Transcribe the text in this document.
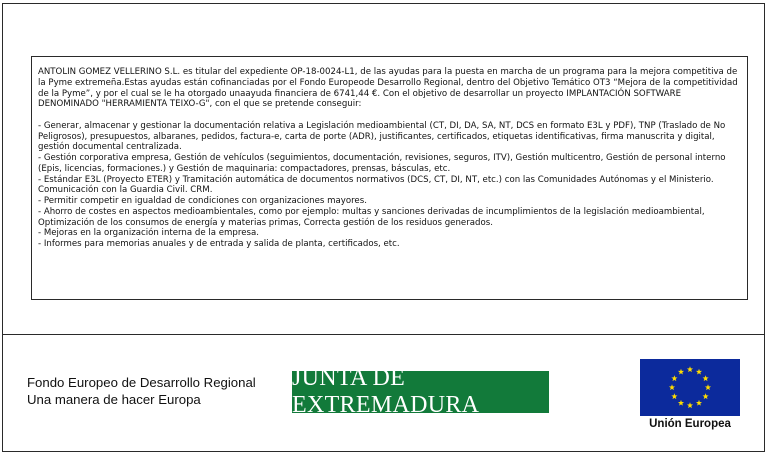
ANTOLIN GOMEZ VELLERINO S.L. es titular del expediente OP-18-0024-L1, de las ayudas para la puesta en marcha de un programa para la mejora competitiva de la Pyme extremeña.Estas ayudas están cofinanciadas por el Fondo Europeode Desarrollo Regional, dentro del Objetivo Temático OT3 “Mejora de la competitividad de la Pyme”, y por el cual se le ha otorgado unaayuda financiera de 6741,44 €. Con el objetivo de desarrollar un proyecto IMPLANTACIÓN SOFTWARE DENOMINADO "HERRAMIENTA TEIXO-G", con el que se pretende conseguir:

- Generar, almacenar y gestionar la documentación relativa a Legislación medioambiental (CT, DI, DA, SA, NT, DCS en formato E3L y PDF), TNP (Traslado de No Peligrosos), presupuestos, albaranes, pedidos, factura-e, carta de porte (ADR), justificantes, certificados, etiquetas identificativas, firma manuscrita y digital, gestión documental centralizada.

- Gestión corporativa empresa, Gestión de vehículos (seguimientos, documentación, revisiones, seguros, ITV), Gestión multicentro, Gestión de personal interno (Epis, licencias, formaciones.) y Gestión de maquinaria: compactadores, prensas, básculas, etc.

- Estándar E3L (Proyecto ETER) y Tramitación automática de documentos normativos (DCS, CT, DI, NT, etc.) con las Comunidades Autónomas y el Ministerio. Comunicación con la Guardia Civil. CRM.

- Permitir competir en igualdad de condiciones con organizaciones mayores.

- Ahorro de costes en aspectos medioambientales, como por ejemplo: multas y sanciones derivadas de incumplimientos de la legislación medioambiental, Optimización de los consumos de energía y materias primas, Correcta gestión de los residuos generados.

- Mejoras en la organización interna de la empresa.

- Informes para memorias anuales y de entrada y salida de planta, certificados, etc.

Fondo Europeo de Desarrollo Regional
Una manera de hacer Europa
JUNTA DE EXTREMADURA
Unión Europea
